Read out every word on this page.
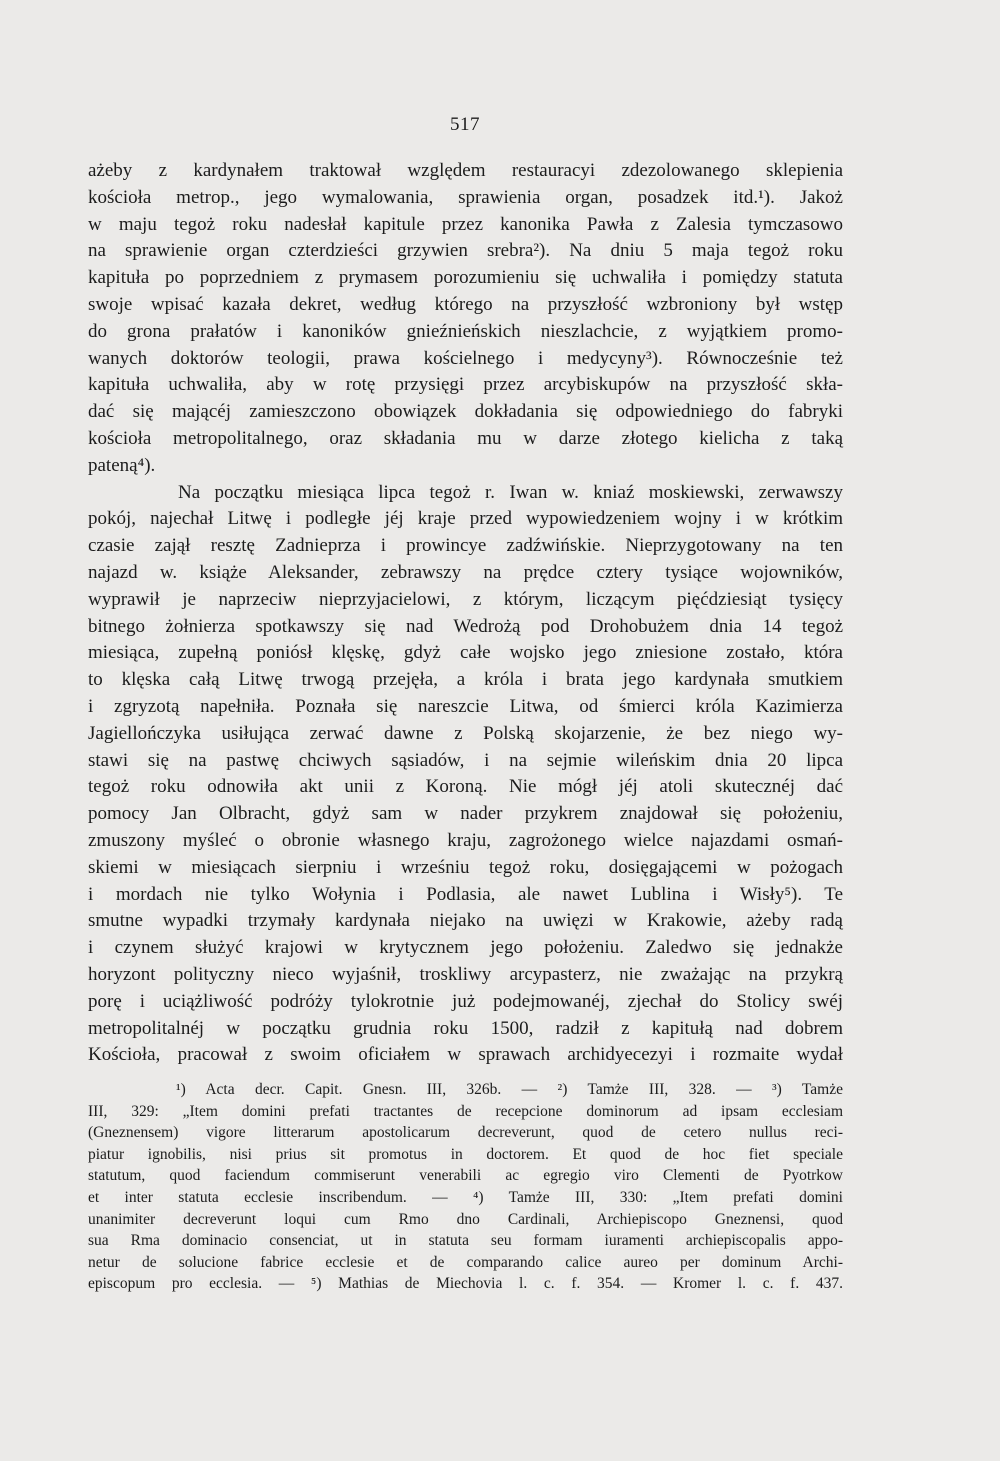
517
ażeby z kardynałem traktował względem restauracyi zdezolowanego sklepienia
kościoła metrop., jego wymalowania, sprawienia organ, posadzek itd.¹). Jakoż
w maju tegoż roku nadesłał kapitule przez kanonika Pawła z Zalesia tymczasowo
na sprawienie organ czterdzieści grzywien srebra²). Na dniu 5 maja tegoż roku
kapituła po poprzedniem z prymasem porozumieniu się uchwaliła i pomiędzy statuta
swoje wpisać kazała dekret, według którego na przyszłość wzbroniony był wstęp
do grona prałatów i kanoników gnieźnieńskich nieszlachcie, z wyjątkiem promo-
wanych doktorów teologii, prawa kościelnego i medycyny³). Równocześnie też
kapituła uchwaliła, aby w rotę przysięgi przez arcybiskupów na przyszłość skła-
dać się mającéj zamieszczono obowiązek dokładania się odpowiedniego do fabryki
kościoła metropolitalnego, oraz składania mu w darze złotego kielicha z taką
pateną⁴).
Na początku miesiąca lipca tegoż r. Iwan w. kniaź moskiewski, zerwawszy
pokój, najechał Litwę i podległe jéj kraje przed wypowiedzeniem wojny i w krótkim
czasie zajął resztę Zadnieprza i prowincye zadźwińskie. Nieprzygotowany na ten
najazd w. książe Aleksander, zebrawszy na prędce cztery tysiące wojowników,
wyprawił je naprzeciw nieprzyjacielowi, z którym, liczącym pięćdziesiąt tysięcy
bitnego żołnierza spotkawszy się nad Wedrożą pod Drohobużem dnia 14 tegoż
miesiąca, zupełną poniósł klęskę, gdyż całe wojsko jego zniesione zostało, która
to klęska całą Litwę trwogą przejęła, a króla i brata jego kardynała smutkiem
i zgryzotą napełniła. Poznała się nareszcie Litwa, od śmierci króla Kazimierza
Jagiellończyka usiłująca zerwać dawne z Polską skojarzenie, że bez niego wy-
stawi się na pastwę chciwych sąsiadów, i na sejmie wileńskim dnia 20 lipca
tegoż roku odnowiła akt unii z Koroną. Nie mógł jéj atoli skutecznéj dać
pomocy Jan Olbracht, gdyż sam w nader przykrem znajdował się położeniu,
zmuszony myśleć o obronie własnego kraju, zagrożonego wielce najazdami osmań-
skiemi w miesiącach sierpniu i wrześniu tegoż roku, dosięgającemi w pożogach
i mordach nie tylko Wołynia i Podlasia, ale nawet Lublina i Wisły⁵). Te
smutne wypadki trzymały kardynała niejako na uwięzi w Krakowie, ażeby radą
i czynem służyć krajowi w krytycznem jego położeniu. Zaledwo się jednakże
horyzont polityczny nieco wyjaśnił, troskliwy arcypasterz, nie zważając na przykrą
porę i uciążliwość podróży tylokrotnie już podejmowanéj, zjechał do Stolicy swéj
metropolitalnéj w początku grudnia roku 1500, radził z kapitułą nad dobrem
Kościoła, pracował z swoim oficiałem w sprawach archidyecezyi i rozmaite wydał
¹) Acta decr. Capit. Gnesn. III, 326b. — ²) Tamże III, 328. — ³) Tamże
III, 329: „Item domini prefati tractantes de recepcione dominorum ad ipsam ecclesiam
(Gneznensem) vigore litterarum apostolicarum decreverunt, quod de cetero nullus reci-
piatur ignobilis, nisi prius sit promotus in doctorem. Et quod de hoc fiet speciale
statutum, quod faciendum commiserunt venerabili ac egregio viro Clementi de Pyotrkow
et inter statuta ecclesie inscribendum. — ⁴) Tamże III, 330: „Item prefati domini
unanimiter decreverunt loqui cum Rmo dno Cardinali, Archiepiscopo Gneznensi, quod
sua Rma dominacio consenciat, ut in statuta seu formam iuramenti archiepiscopalis appo-
netur de solucione fabrice ecclesie et de comparando calice aureo per dominum Archi-
episcopum pro ecclesia. — ⁵) Mathias de Miechovia l. c. f. 354. — Kromer l. c. f. 437.
